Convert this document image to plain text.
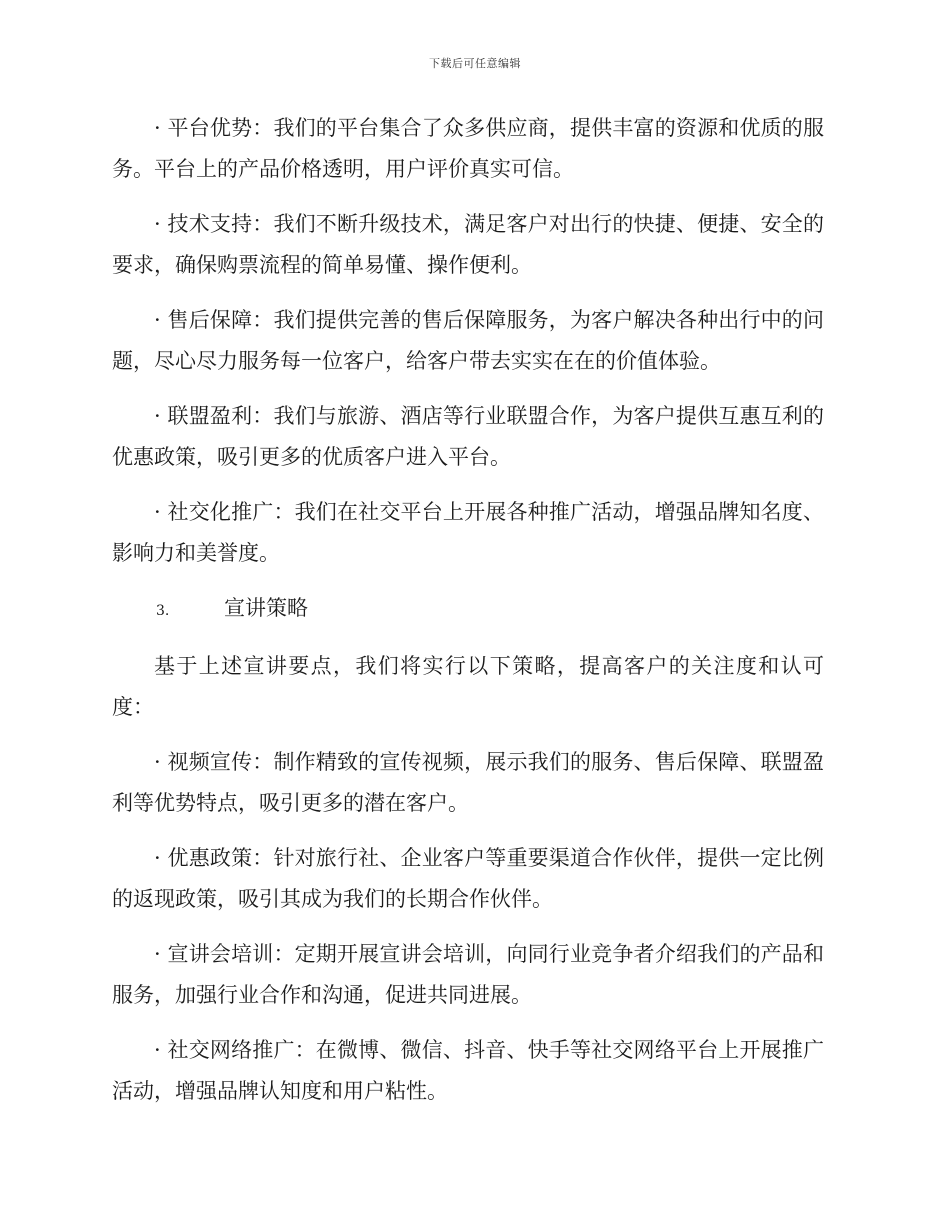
下载后可任意编辑

· 平台优势：我们的平台集合了众多供应商，提供丰富的资源和优质的服务。平台上的产品价格透明，用户评价真实可信。

· 技术支持：我们不断升级技术，满足客户对出行的快捷、便捷、安全的要求，确保购票流程的简单易懂、操作便利。

· 售后保障：我们提供完善的售后保障服务，为客户解决各种出行中的问题，尽心尽力服务每一位客户，给客户带去实实在在的价值体验。

· 联盟盈利：我们与旅游、酒店等行业联盟合作，为客户提供互惠互利的优惠政策，吸引更多的优质客户进入平台。

· 社交化推广：我们在社交平台上开展各种推广活动，增强品牌知名度、影响力和美誉度。

3.	宣讲策略

基于上述宣讲要点，我们将实行以下策略，提高客户的关注度和认可度：

· 视频宣传：制作精致的宣传视频，展示我们的服务、售后保障、联盟盈利等优势特点，吸引更多的潜在客户。

· 优惠政策：针对旅行社、企业客户等重要渠道合作伙伴，提供一定比例的返现政策，吸引其成为我们的长期合作伙伴。

· 宣讲会培训：定期开展宣讲会培训，向同行业竞争者介绍我们的产品和服务，加强行业合作和沟通，促进共同进展。

· 社交网络推广：在微博、微信、抖音、快手等社交网络平台上开展推广活动，增强品牌认知度和用户粘性。
